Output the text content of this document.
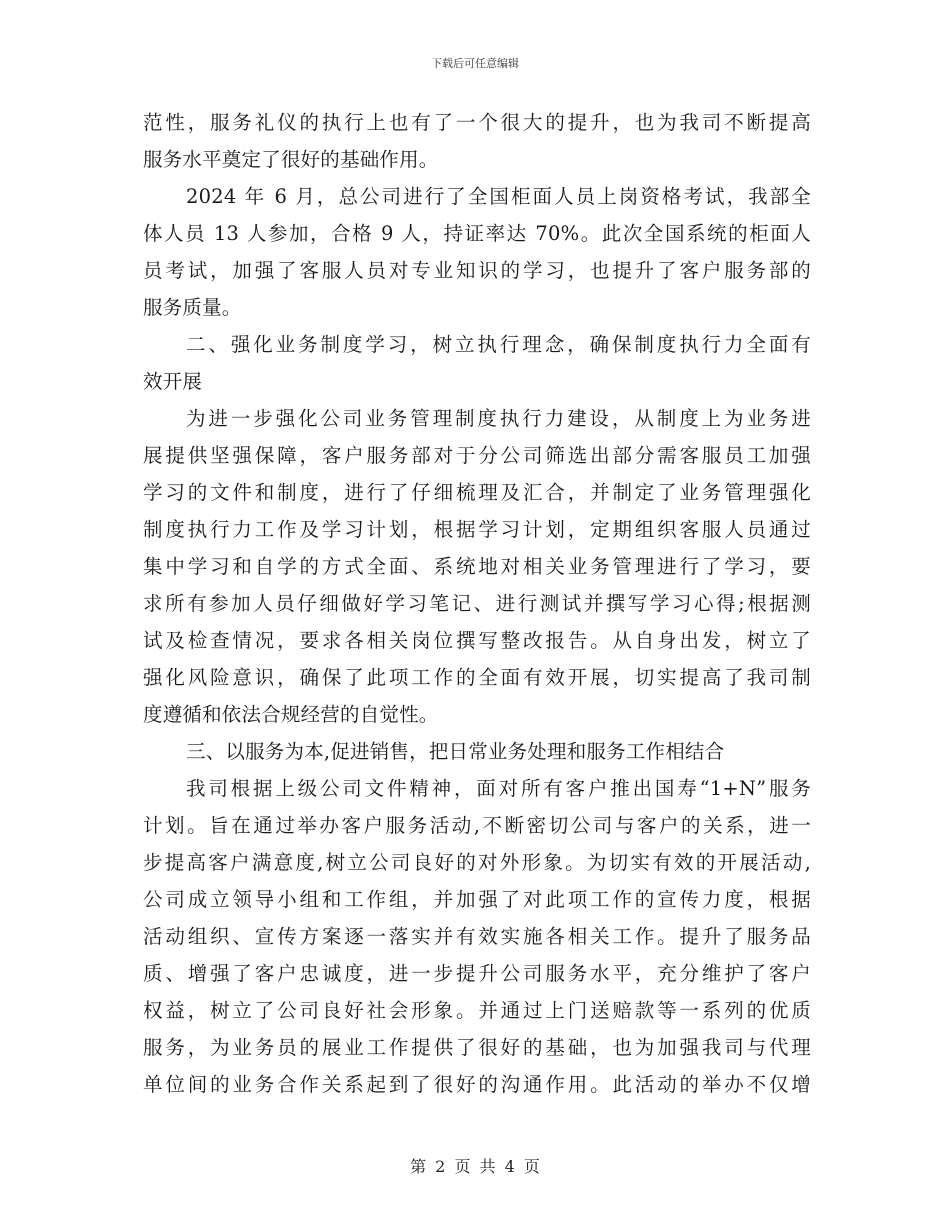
下载后可任意编辑
范性，服务礼仪的执行上也有了一个很大的提升，也为我司不断提高
服务水平奠定了很好的基础作用。
2024 年 6 月，总公司进行了全国柜面人员上岗资格考试，我部全
体人员 13 人参加，合格 9 人，持证率达 70%。此次全国系统的柜面人
员考试，加强了客服人员对专业知识的学习，也提升了客户服务部的
服务质量。
二、强化业务制度学习，树立执行理念，确保制度执行力全面有
效开展
为进一步强化公司业务管理制度执行力建设，从制度上为业务进
展提供坚强保障，客户服务部对于分公司筛选出部分需客服员工加强
学习的文件和制度，进行了仔细梳理及汇合，并制定了业务管理强化
制度执行力工作及学习计划，根据学习计划，定期组织客服人员通过
集中学习和自学的方式全面、系统地对相关业务管理进行了学习，要
求所有参加人员仔细做好学习笔记、进行测试并撰写学习心得;根据测
试及检查情况，要求各相关岗位撰写整改报告。从自身出发，树立了
强化风险意识，确保了此项工作的全面有效开展，切实提高了我司制
度遵循和依法合规经营的自觉性。
三、以服务为本,促进销售，把日常业务处理和服务工作相结合
我司根据上级公司文件精神，面对所有客户推出国寿“1+N”服务
计划。旨在通过举办客户服务活动,不断密切公司与客户的关系，进一
步提高客户满意度,树立公司良好的对外形象。为切实有效的开展活动,
公司成立领导小组和工作组，并加强了对此项工作的宣传力度，根据
活动组织、宣传方案逐一落实并有效实施各相关工作。提升了服务品
质、增强了客户忠诚度，进一步提升公司服务水平，充分维护了客户
权益，树立了公司良好社会形象。并通过上门送赔款等一系列的优质
服务，为业务员的展业工作提供了很好的基础，也为加强我司与代理
单位间的业务合作关系起到了很好的沟通作用。此活动的举办不仅增
第 2 页 共 4 页
